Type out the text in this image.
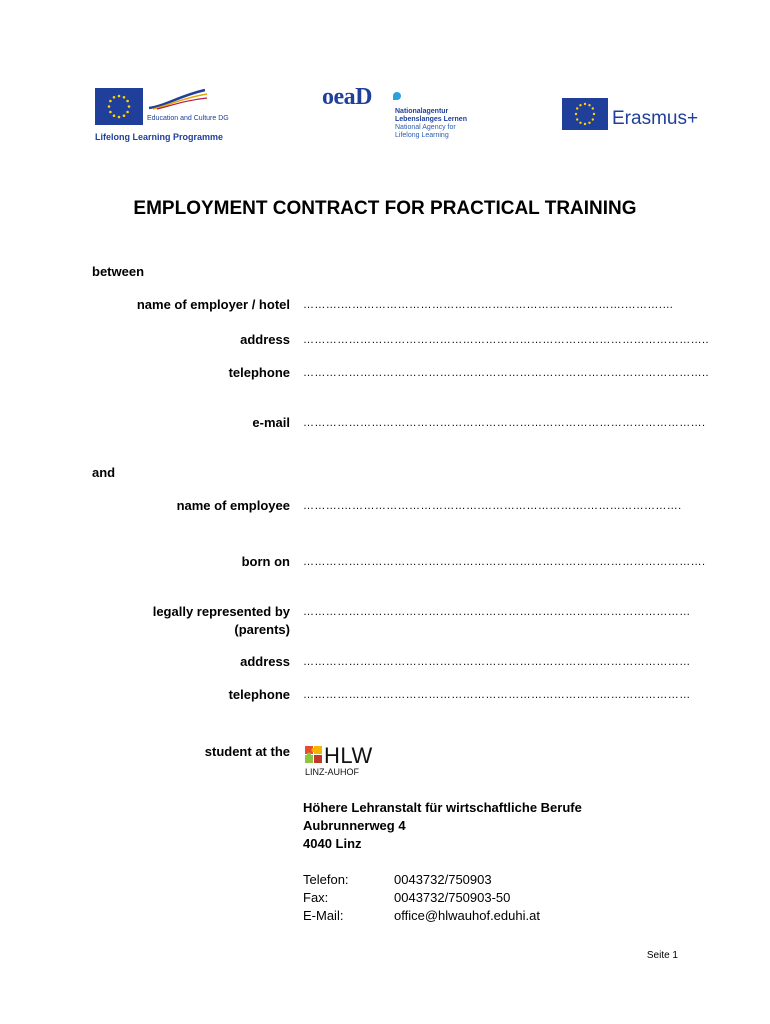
Education and Culture DG
Lifelong Learning Programme
oeaD
Nationalagentur
Lebenslanges Lernen
National Agency for
Lifelong Learning
Erasmus+
EMPLOYMENT CONTRACT FOR PRACTICAL TRAINING
between
name of employer / hotel ……….……………………………….……………………….……….……….…
address ……………………………………………………………………………………………..
telephone ……………………………………………………………………………………………..
e-mail …………………………………………………………………………………………….
and
name of employee ……….……………………………….……………………….…………………….
born on …………………………………………………………………………………………….
legally represented by
(parents)
…………………………………………………………………………………………
address …………………………………………………………………………………………
telephone …………………………………………………………………………………………
student at the HLW
LINZ-AUHOF
Höhere Lehranstalt für wirtschaftliche Berufe
Aubrunnerweg 4
4040 Linz
Telefon:	0043732/750903
Fax:	0043732/750903-50
E-Mail:	office@hlwauhof.eduhi.at
Seite 1
